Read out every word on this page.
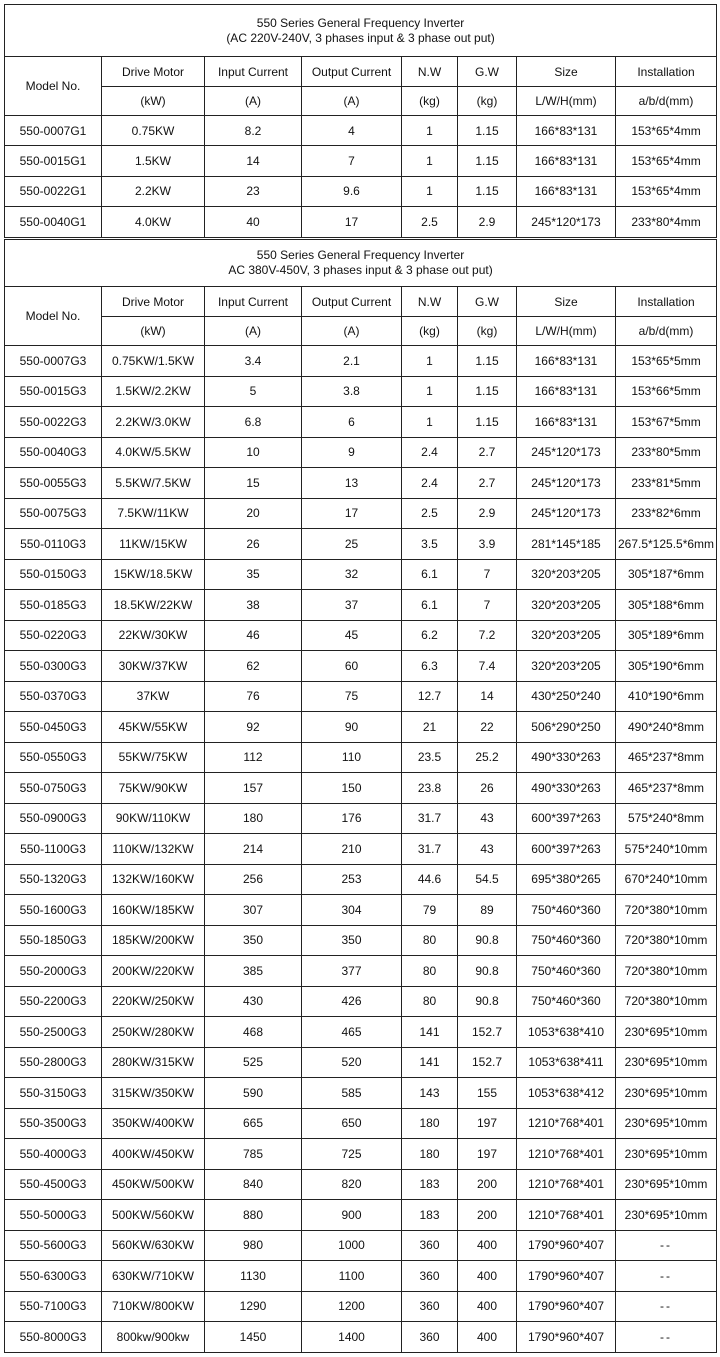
550 Series General Frequency Inverter
(AC 220V-240V, 3 phases input & 3 phase out put)							

Model No.	Drive Motor	Input Current	Output Current	N.W	G.W	Size	Installation
	(kW)	(A)	(A)	(kg)	(kg)	L/W/H(mm)	a/b/d(mm)
550-0007G1	0.75KW	8.2	4	1	1.15	166*83*131	153*65*4mm
550-0015G1	1.5KW	14	7	1	1.15	166*83*131	153*65*4mm
550-0022G1	2.2KW	23	9.6	1	1.15	166*83*131	153*65*4mm
550-0040G1	4.0KW	40	17	2.5	2.9	245*120*173	233*80*4mm
550 Series General Frequency Inverter
AC 380V-450V, 3 phases input & 3 phase out put)							

Model No.	Drive Motor	Input Current	Output Current	N.W	G.W	Size	Installation
	(kW)	(A)	(A)	(kg)	(kg)	L/W/H(mm)	a/b/d(mm)
550-0007G3	0.75KW/1.5KW	3.4	2.1	1	1.15	166*83*131	153*65*5mm
550-0015G3	1.5KW/2.2KW	5	3.8	1	1.15	166*83*131	153*66*5mm
550-0022G3	2.2KW/3.0KW	6.8	6	1	1.15	166*83*131	153*67*5mm
550-0040G3	4.0KW/5.5KW	10	9	2.4	2.7	245*120*173	233*80*5mm
550-0055G3	5.5KW/7.5KW	15	13	2.4	2.7	245*120*173	233*81*5mm
550-0075G3	7.5KW/11KW	20	17	2.5	2.9	245*120*173	233*82*6mm
550-0110G3	11KW/15KW	26	25	3.5	3.9	281*145*185	267.5*125.5*6mm
550-0150G3	15KW/18.5KW	35	32	6.1	7	320*203*205	305*187*6mm
550-0185G3	18.5KW/22KW	38	37	6.1	7	320*203*205	305*188*6mm
550-0220G3	22KW/30KW	46	45	6.2	7.2	320*203*205	305*189*6mm
550-0300G3	30KW/37KW	62	60	6.3	7.4	320*203*205	305*190*6mm
550-0370G3	37KW	76	75	12.7	14	430*250*240	410*190*6mm
550-0450G3	45KW/55KW	92	90	21	22	506*290*250	490*240*8mm
550-0550G3	55KW/75KW	112	110	23.5	25.2	490*330*263	465*237*8mm
550-0750G3	75KW/90KW	157	150	23.8	26	490*330*263	465*237*8mm
550-0900G3	90KW/110KW	180	176	31.7	43	600*397*263	575*240*8mm
550-1100G3	110KW/132KW	214	210	31.7	43	600*397*263	575*240*10mm
550-1320G3	132KW/160KW	256	253	44.6	54.5	695*380*265	670*240*10mm
550-1600G3	160KW/185KW	307	304	79	89	750*460*360	720*380*10mm
550-1850G3	185KW/200KW	350	350	80	90.8	750*460*360	720*380*10mm
550-2000G3	200KW/220KW	385	377	80	90.8	750*460*360	720*380*10mm
550-2200G3	220KW/250KW	430	426	80	90.8	750*460*360	720*380*10mm
550-2500G3	250KW/280KW	468	465	141	152.7	1053*638*410	230*695*10mm
550-2800G3	280KW/315KW	525	520	141	152.7	1053*638*411	230*695*10mm
550-3150G3	315KW/350KW	590	585	143	155	1053*638*412	230*695*10mm
550-3500G3	350KW/400KW	665	650	180	197	1210*768*401	230*695*10mm
550-4000G3	400KW/450KW	785	725	180	197	1210*768*401	230*695*10mm
550-4500G3	450KW/500KW	840	820	183	200	1210*768*401	230*695*10mm
550-5000G3	500KW/560KW	880	900	183	200	1210*768*401	230*695*10mm
550-5600G3	560KW/630KW	980	1000	360	400	1790*960*407	--
550-6300G3	630KW/710KW	1130	1100	360	400	1790*960*407	--
550-7100G3	710KW/800KW	1290	1200	360	400	1790*960*407	--
550-8000G3	800kw/900kw	1450	1400	360	400	1790*960*407	--
